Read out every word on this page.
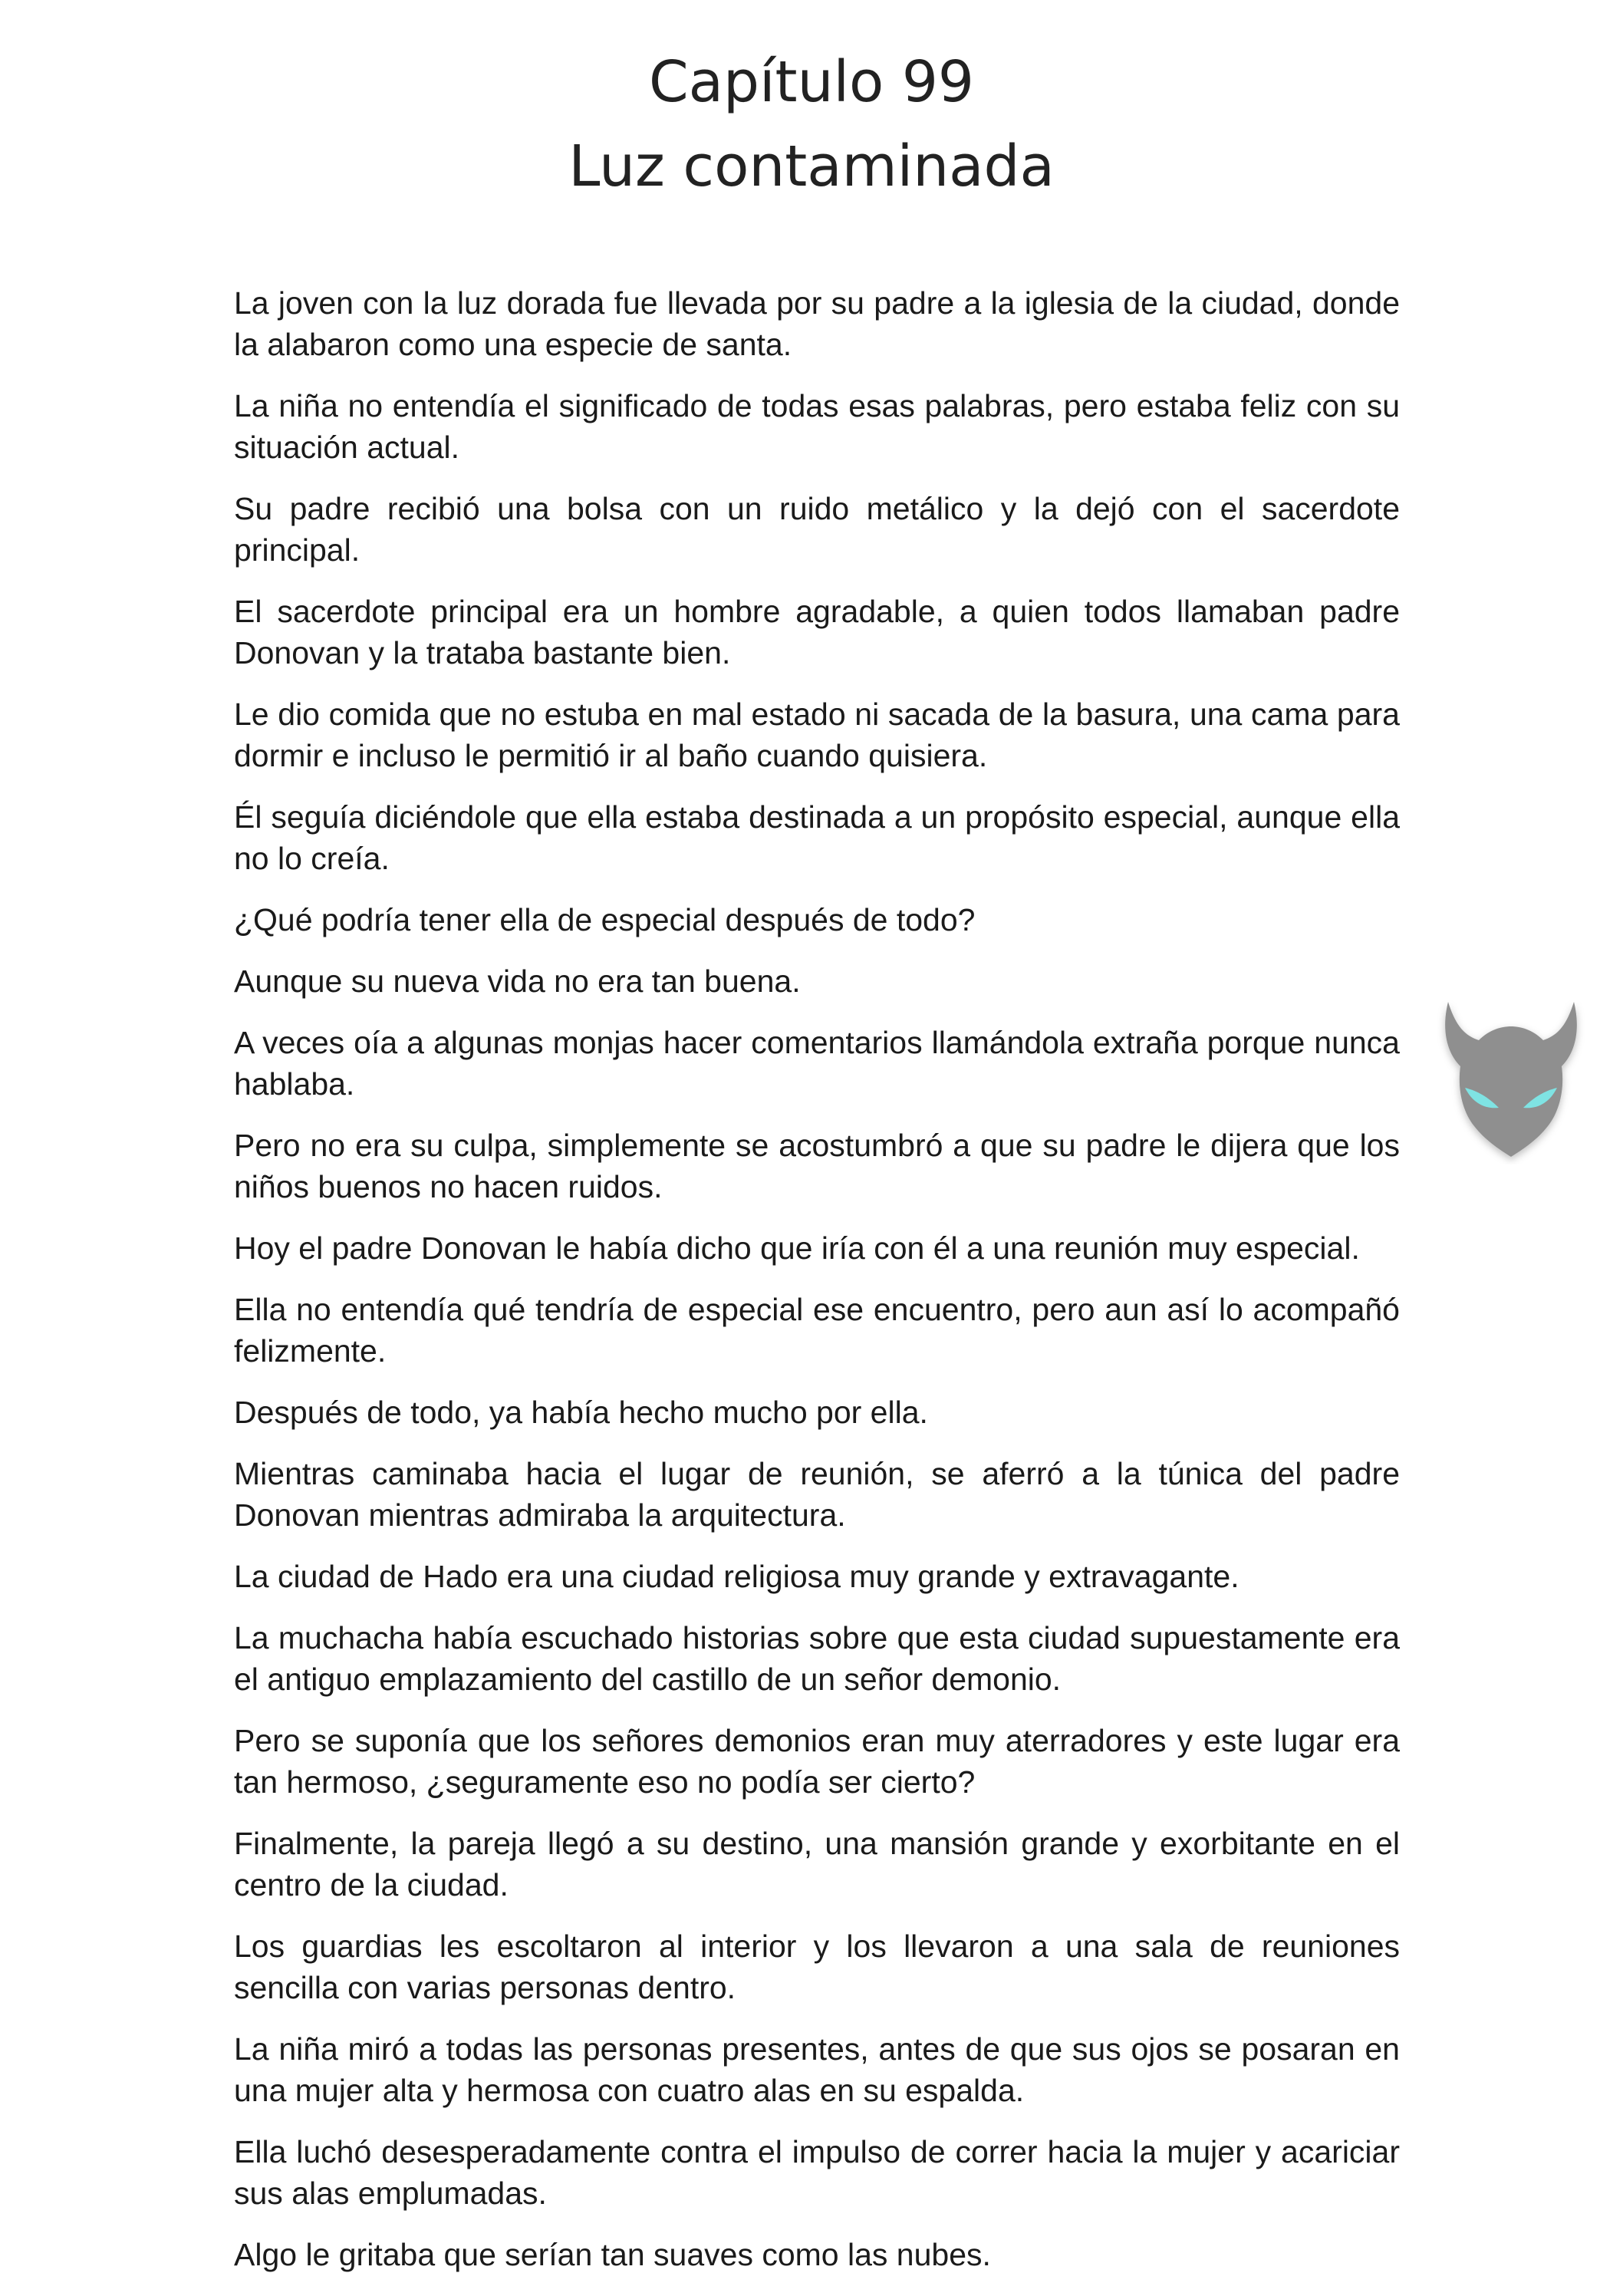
Capítulo 99
Luz contaminada

La joven con la luz dorada fue llevada por su padre a la iglesia de la ciudad, donde la alabaron como una especie de santa.

La niña no entendía el significado de todas esas palabras, pero estaba feliz con su situación actual.

Su padre recibió una bolsa con un ruido metálico y la dejó con el sacerdote principal.

El sacerdote principal era un hombre agradable, a quien todos llamaban padre Donovan y la trataba bastante bien.

Le dio comida que no estuba en mal estado ni sacada de la basura, una cama para dormir e incluso le permitió ir al baño cuando quisiera.

Él seguía diciéndole que ella estaba destinada a un propósito especial, aunque ella no lo creía.

¿Qué podría tener ella de especial después de todo?

Aunque su nueva vida no era tan buena.

A veces oía a algunas monjas hacer comentarios llamándola extraña porque nunca hablaba.

Pero no era su culpa, simplemente se acostumbró a que su padre le dijera que los niños buenos no hacen ruidos.

Hoy el padre Donovan le había dicho que iría con él a una reunión muy especial.

Ella no entendía qué tendría de especial ese encuentro, pero aun así lo acompañó felizmente.

Después de todo, ya había hecho mucho por ella.

Mientras caminaba hacia el lugar de reunión, se aferró a la túnica del padre Donovan mientras admiraba la arquitectura.

La ciudad de Hado era una ciudad religiosa muy grande y extravagante.

La muchacha había escuchado historias sobre que esta ciudad supuestamente era el antiguo emplazamiento del castillo de un señor demonio.

Pero se suponía que los señores demonios eran muy aterradores y este lugar era tan hermoso, ¿seguramente eso no podía ser cierto?

Finalmente, la pareja llegó a su destino, una mansión grande y exorbitante en el centro de la ciudad.

Los guardias les escoltaron al interior y los llevaron a una sala de reuniones sencilla con varias personas dentro.

La niña miró a todas las personas presentes, antes de que sus ojos se posaran en una mujer alta y hermosa con cuatro alas en su espalda.

Ella luchó desesperadamente contra el impulso de correr hacia la mujer y acariciar sus alas emplumadas.

Algo le gritaba que serían tan suaves como las nubes.
